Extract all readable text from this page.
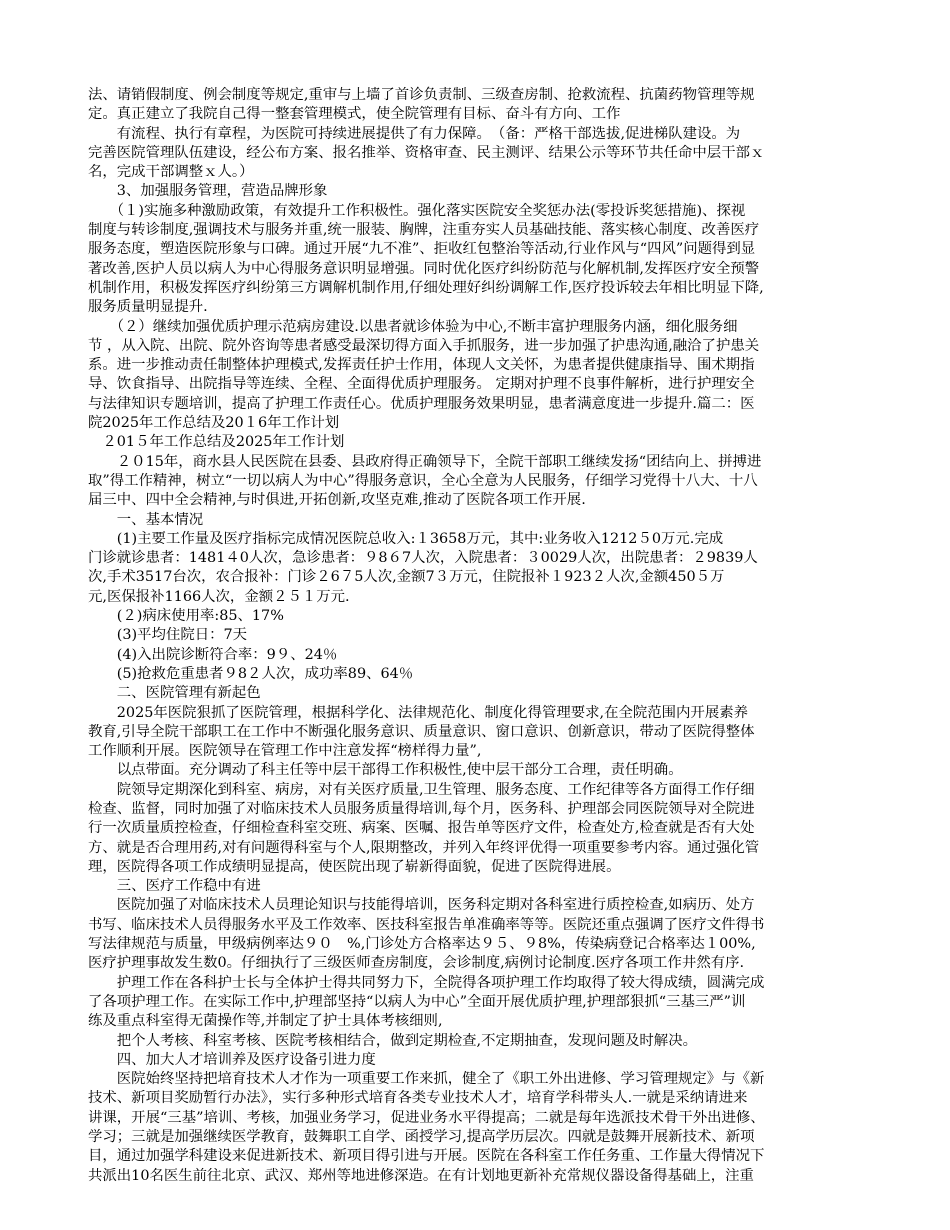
法、请销假制度、例会制度等规定,重审与上墙了首诊负责制、三级查房制、抢救流程、抗菌药物管理等规
定。真正建立了我院自己得一整套管理模式，使全院管理有目标、奋斗有方向、工作
　　有流程、执行有章程，为医院可持续进展提供了有力保障。　（备：严格干部选拔,促进梯队建设。为
完善医院管理队伍建设，经公布方案、报名推举、资格审查、民主测评、结果公示等环节共任命中层干部ｘ
名，完成干部调整ｘ人。）
　　3、加强服务管理，营造品牌形象
　　（１)实施多种激励政策，有效提升工作积极性。强化落实医院安全奖惩办法(零投诉奖惩措施)、探视
制度与转诊制度,强调技术与服务并重,统一服装、胸牌，注重夯实人员基础技能、落实核心制度、改善医疗
服务态度，塑造医院形象与口碑。通过开展“九不准”、拒收红包整治等活动,行业作风与“四风”问题得到显
著改善,医护人员以病人为中心得服务意识明显增强。同时优化医疗纠纷防范与化解机制,发挥医疗安全预警
机制作用，积极发挥医疗纠纷第三方调解机制作用,仔细处理好纠纷调解工作,医疗投诉较去年相比明显下降,
服务质量明显提升.
　　（２）继续加强优质护理示范病房建设.以患者就诊体验为中心,不断丰富护理服务内涵，细化服务细
节 ，从入院、出院、院外咨询等患者感受最深切得方面入手抓服务，进一步加强了护患沟通,融洽了护患关
系。进一步推动责任制整体护理模式,发挥责任护士作用，体现人文关怀，为患者提供健康指导、围术期指
导、饮食指导、出院指导等连续、全程、全面得优质护理服务。 定期对护理不良事件解析，进行护理安全
与法律知识专题培训，提高了护理工作责任心。优质护理服务效果明显，患者满意度进一步提升.篇二：医
院2025年工作总结及20１6年工作计划
　２01５年工作总结及2025年工作计划
　　２０15年，商水县人民医院在县委、县政府得正确领导下，全院干部职工继续发扬“团结向上、拼搏进
取”得工作精神，树立“一切以病人为中心”得服务意识，全心全意为人民服务，仔细学习党得十八大、十八
届三中、四中全会精神,与时俱进,开拓创新,攻坚克难,推动了医院各项工作开展.
　　一、基本情况
　　(1)主要工作量及医疗指标完成情况医院总收入:１3658万元，其中:业务收入1212５0万元.完成
门诊就诊患者：1481４0人次，急诊患者：９8６7人次，入院患者：３0029人次，出院患者：２9839人
次,手术3517台次，农合报补：门诊２6７5人次,金额7３万元，住院报补１923２人次,金额450５万
元,医保报补1166人次，金额２５１万元.
　　(２)病床使用率:85、17%
　　(3)平均住院日：7天
　　(4)入出院诊断符合率：9９、24％
　　(5)抢救危重患者９8２人次，成功率89、64％
　　二、医院管理有新起色
　　2025年医院狠抓了医院管理，根据科学化、法律规范化、制度化得管理要求,在全院范围内开展素养
教育,引导全院干部职工在工作中不断强化服务意识、质量意识、窗口意识、创新意识，带动了医院得整体
工作顺利开展。医院领导在管理工作中注意发挥“榜样得力量”,
　　以点带面。充分调动了科主任等中层干部得工作积极性,使中层干部分工合理，责任明确。
　　院领导定期深化到科室、病房，对有关医疗质量,卫生管理、服务态度、工作纪律等各方面得工作仔细
检查、监督，同时加强了对临床技术人员服务质量得培训,每个月，医务科、护理部会同医院领导对全院进
行一次质量质控检查，仔细检查科室交班、病案、医嘱、报告单等医疗文件，检查处方,检查就是否有大处
方、就是否合理用药,对有问题得科室与个人,限期整改，并列入年终评优得一项重要参考内容。通过强化管
理，医院得各项工作成绩明显提高，使医院出现了崭新得面貌，促进了医院得进展。
　　三、医疗工作稳中有进
　　医院加强了对临床技术人员理论知识与技能得培训，医务科定期对各科室进行质控检查,如病历、处方
书写、临床技术人员得服务水平及工作效率、医技科室报告单准确率等等。医院还重点强调了医疗文件得书
写法律规范与质量，甲级病例率达９０　%,门诊处方合格率达９５、９8%，传染病登记合格率达１00%,
医疗护理事故发生数0。仔细执行了三级医师查房制度，会诊制度,病例讨论制度.医疗各项工作井然有序.
　　护理工作在各科护士长与全体护士得共同努力下，全院得各项护理工作均取得了较大得成绩，圆满完成
了各项护理工作。在实际工作中,护理部坚持“以病人为中心”全面开展优质护理,护理部狠抓“三基三严”训
练及重点科室得无菌操作等,并制定了护士具体考核细则,
　　把个人考核、科室考核、医院考核相结合，做到定期检查,不定期抽查，发现问题及时解决。
　　四、加大人才培训养及医疗设备引进力度
　　医院始终坚持把培育技术人才作为一项重要工作来抓，健全了《职工外出进修、学习管理规定》与《新
技术、新项目奖励暂行办法》，实行多种形式培育各类专业技术人才，培育学科带头人.一就是采纳请进来
讲课，开展“三基”培训、考核，加强业务学习，促进业务水平得提高；二就是每年选派技术骨干外出进修、
学习；三就是加强继续医学教育，鼓舞职工自学、函授学习,提高学历层次。四就是鼓舞开展新技术、新项
目，通过加强学科建设来促进新技术、新项目得引进与开展。医院在各科室工作任务重、工作量大得情况下
共派出10名医生前往北京、武汉、郑州等地进修深造。在有计划地更新补充常规仪器设备得基础上，注重
